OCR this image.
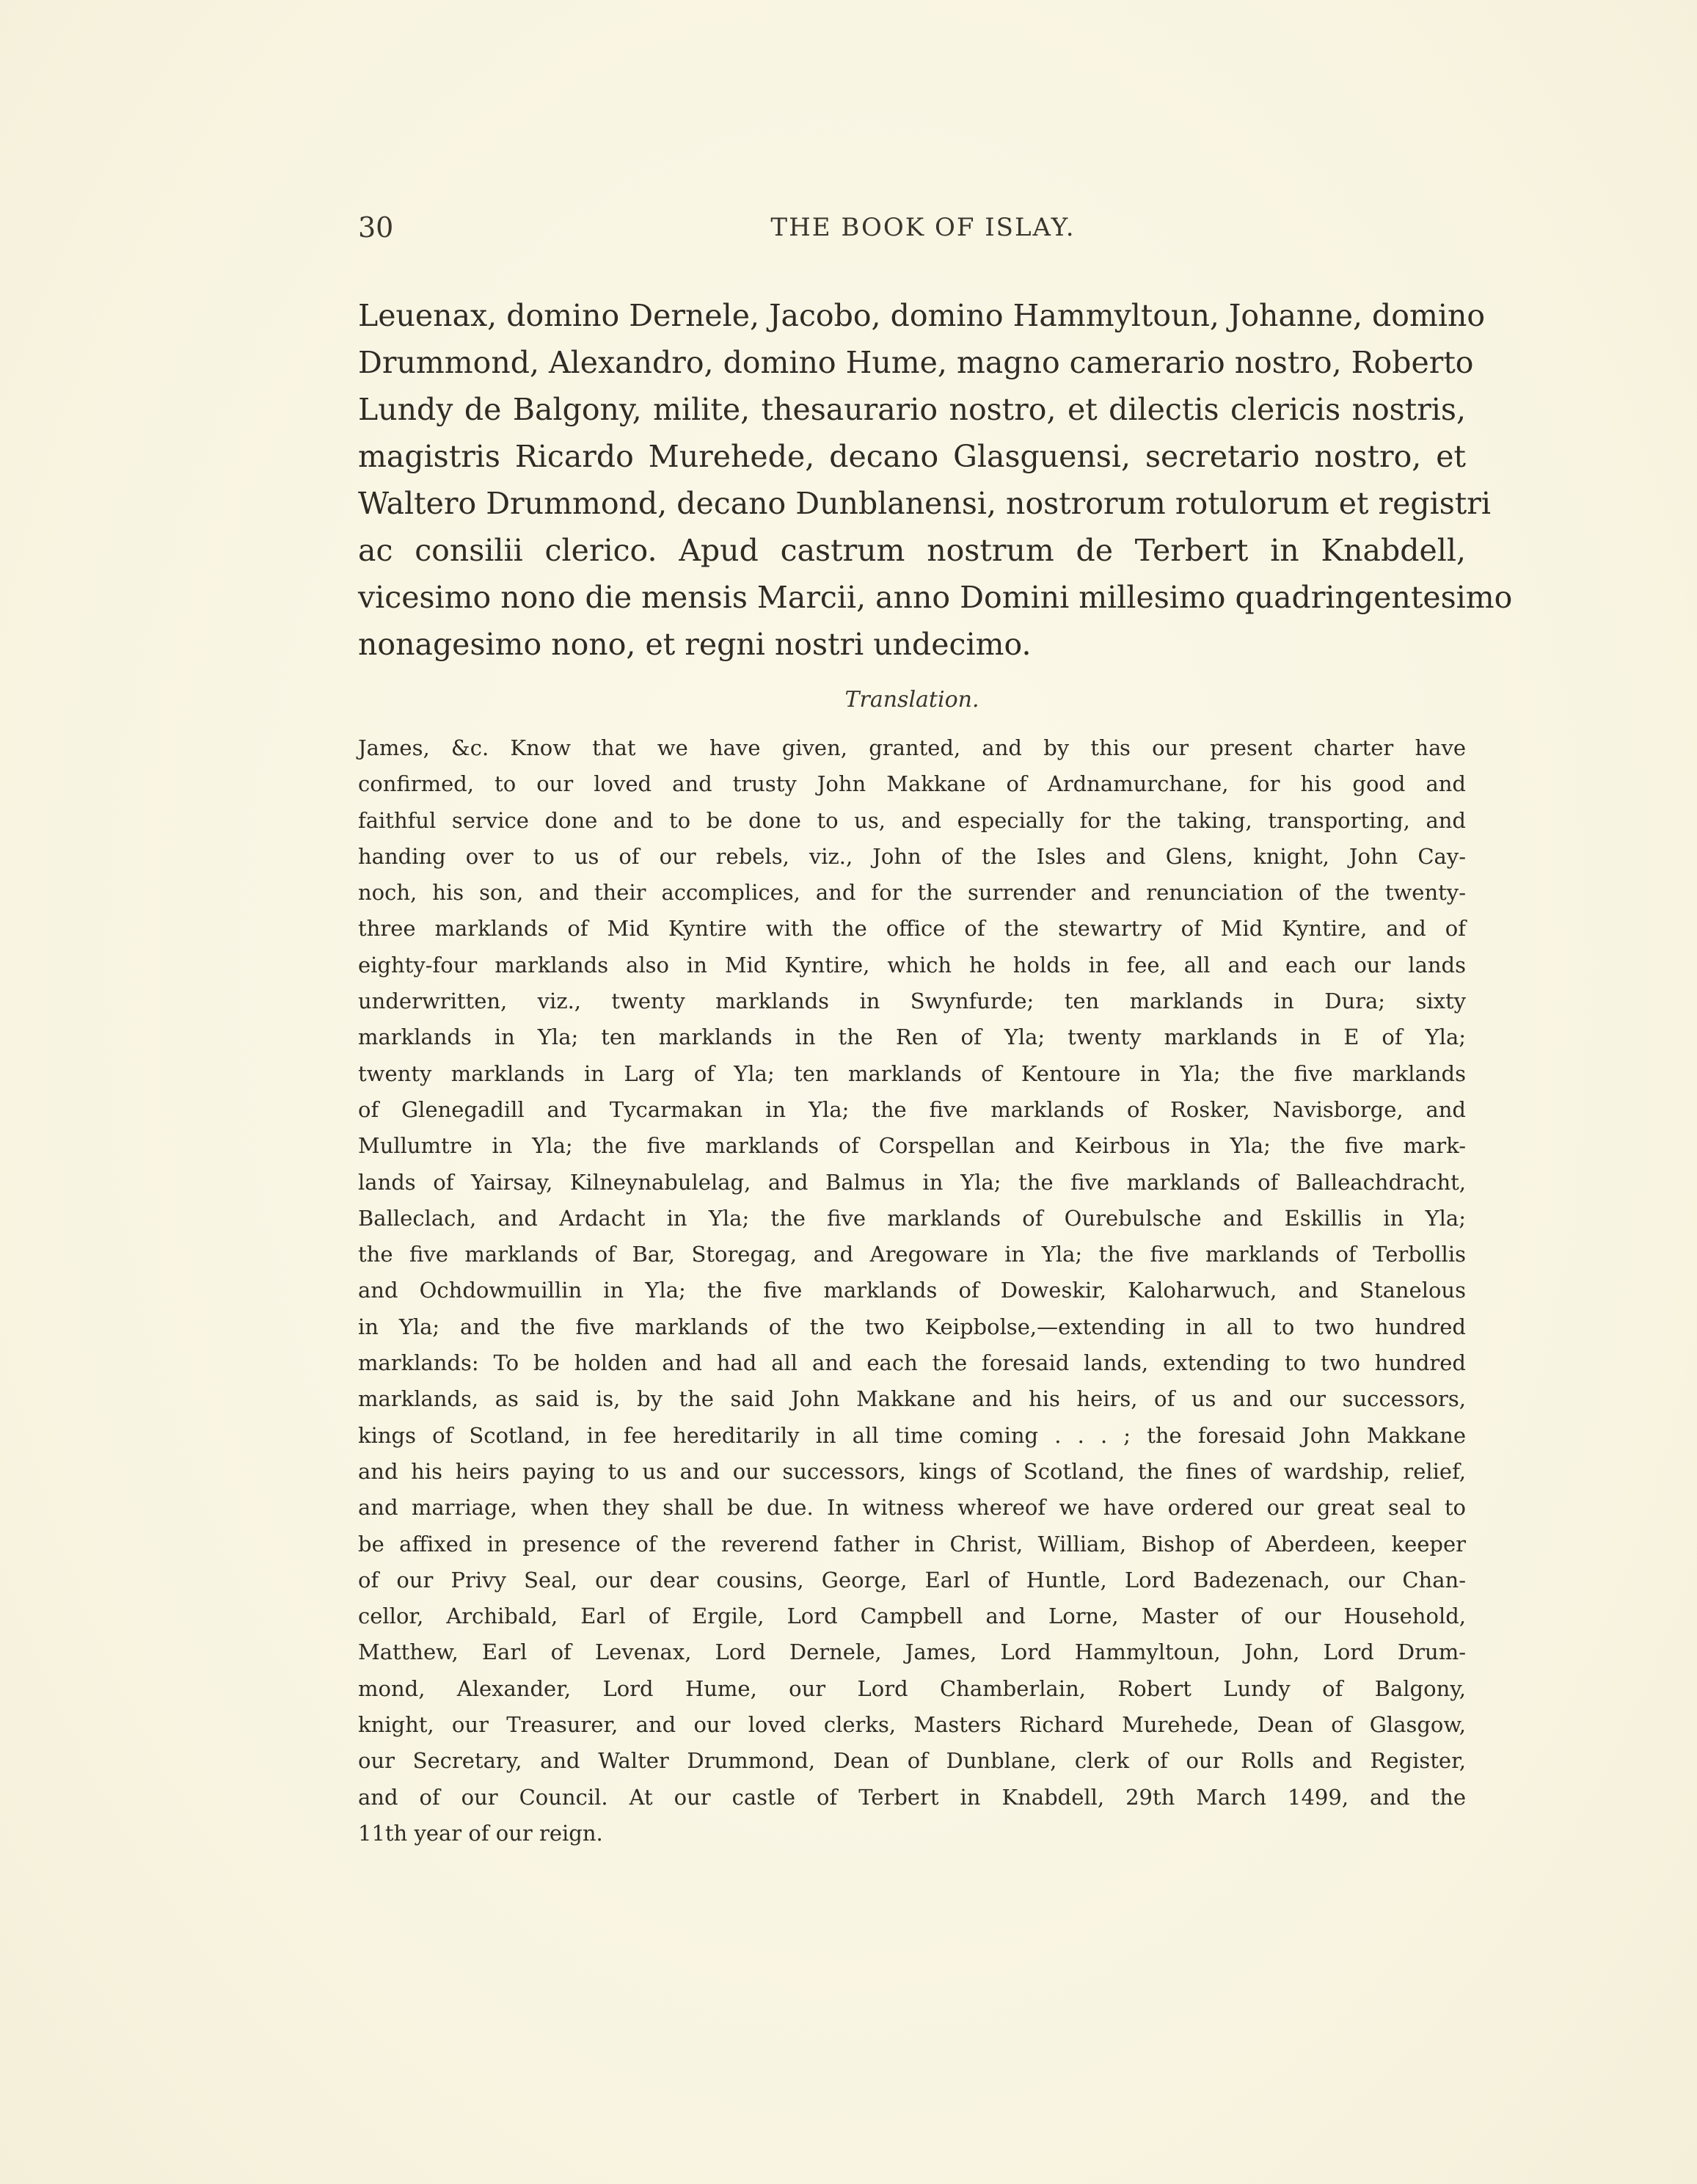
30	THE BOOK OF ISLAY.
Leuenax, domino Dernele, Jacobo, domino Hammyltoun, Johanne, domino
Drummond, Alexandro, domino Hume, magno camerario nostro, Roberto
Lundy de Balgony, milite, thesaurario nostro, et dilectis clericis nostris,
magistris Ricardo Murehede, decano Glasguensi, secretario nostro, et
Waltero Drummond, decano Dunblanensi, nostrorum rotulorum et registri
ac consilii clerico. Apud castrum nostrum de Terbert in Knabdell,
vicesimo nono die mensis Marcii, anno Domini millesimo quadringentesimo
nonagesimo nono, et regni nostri undecimo.
Translation.
James, &c. Know that we have given, granted, and by this our present charter have
confirmed, to our loved and trusty John Makkane of Ardnamurchane, for his good and
faithful service done and to be done to us, and especially for the taking, transporting, and
handing over to us of our rebels, viz., John of the Isles and Glens, knight, John Cay-
noch, his son, and their accomplices, and for the surrender and renunciation of the twenty-
three marklands of Mid Kyntire with the office of the stewartry of Mid Kyntire, and of
eighty-four marklands also in Mid Kyntire, which he holds in fee, all and each our lands
underwritten, viz., twenty marklands in Swynfurde; ten marklands in Dura; sixty
marklands in Yla; ten marklands in the Ren of Yla; twenty marklands in E of Yla;
twenty marklands in Larg of Yla; ten marklands of Kentoure in Yla; the five marklands
of Glenegadill and Tycarmakan in Yla; the five marklands of Rosker, Navisborge, and
Mullumtre in Yla; the five marklands of Corspellan and Keirbous in Yla; the five mark-
lands of Yairsay, Kilneynabulelag, and Balmus in Yla; the five marklands of Balleachdracht,
Balleclach, and Ardacht in Yla; the five marklands of Ourebulsche and Eskillis in Yla;
the five marklands of Bar, Storegag, and Aregoware in Yla; the five marklands of Terbollis
and Ochdowmuillin in Yla; the five marklands of Doweskir, Kaloharwuch, and Stanelous
in Yla; and the five marklands of the two Keipbolse,—extending in all to two hundred
marklands: To be holden and had all and each the foresaid lands, extending to two hundred
marklands, as said is, by the said John Makkane and his heirs, of us and our successors,
kings of Scotland, in fee hereditarily in all time coming . . . ; the foresaid John Makkane
and his heirs paying to us and our successors, kings of Scotland, the fines of wardship, relief,
and marriage, when they shall be due. In witness whereof we have ordered our great seal to
be affixed in presence of the reverend father in Christ, William, Bishop of Aberdeen, keeper
of our Privy Seal, our dear cousins, George, Earl of Huntle, Lord Badezenach, our Chan-
cellor, Archibald, Earl of Ergile, Lord Campbell and Lorne, Master of our Household,
Matthew, Earl of Levenax, Lord Dernele, James, Lord Hammyltoun, John, Lord Drum-
mond, Alexander, Lord Hume, our Lord Chamberlain, Robert Lundy of Balgony,
knight, our Treasurer, and our loved clerks, Masters Richard Murehede, Dean of Glasgow,
our Secretary, and Walter Drummond, Dean of Dunblane, clerk of our Rolls and Register,
and of our Council. At our castle of Terbert in Knabdell, 29th March 1499, and the
11th year of our reign.
